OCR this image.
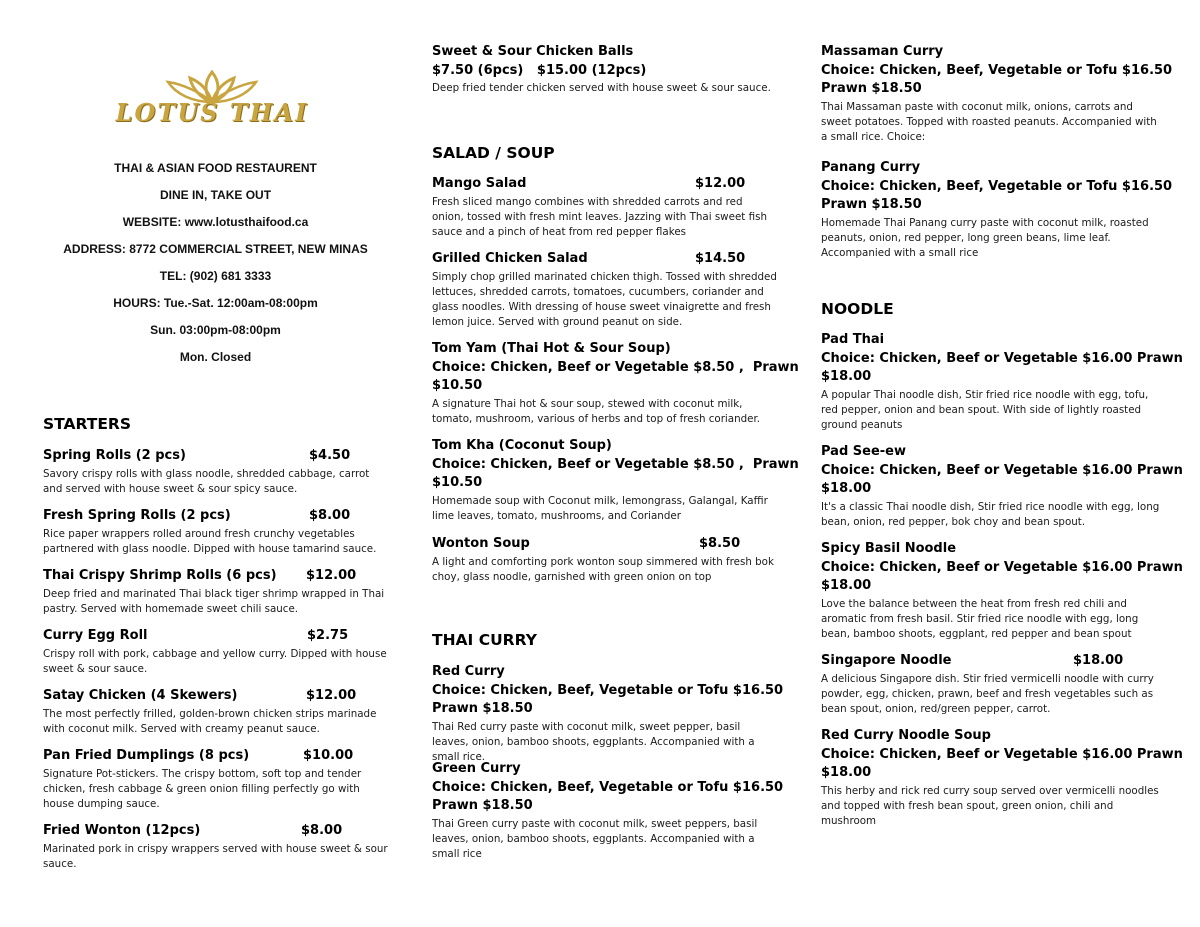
LOTUS THAI
THAI & ASIAN FOOD RESTAURENT
DINE IN, TAKE OUT
WEBSITE: www.lotusthaifood.ca
ADDRESS: 8772 COMMERCIAL STREET, NEW MINAS
TEL: (902) 681 3333
HOURS: Tue.-Sat. 12:00am-08:00pm
Sun. 03:00pm-08:00pm
Mon. Closed
STARTERS
Spring Rolls (2 pcs)	$4.50
Savory crispy rolls with glass noodle, shredded cabbage, carrot and served with house sweet & sour spicy sauce.
Fresh Spring Rolls (2 pcs)	$8.00
Rice paper wrappers rolled around fresh crunchy vegetables partnered with glass noodle. Dipped with house tamarind sauce.
Thai Crispy Shrimp Rolls (6 pcs) $12.00
Deep fried and marinated Thai black tiger shrimp wrapped in Thai pastry. Served with homemade sweet chili sauce.
Curry Egg Roll	$2.75
Crispy roll with pork, cabbage and yellow curry. Dipped with house sweet & sour sauce.
Satay Chicken (4 Skewers)	$12.00
The most perfectly frilled, golden-brown chicken strips marinade with coconut milk. Served with creamy peanut sauce.
Pan Fried Dumplings (8 pcs)	$10.00
Signature Pot-stickers. The crispy bottom, soft top and tender chicken, fresh cabbage & green onion filling perfectly go with house dumping sauce.
Fried Wonton (12pcs)	$8.00
Marinated pork in crispy wrappers served with house sweet & sour sauce.
Sweet & Sour Chicken Balls
$7.50 (6pcs)   $15.00 (12pcs)
Deep fried tender chicken served with house sweet & sour sauce.
SALAD / SOUP
Mango Salad	$12.00
Fresh sliced mango combines with shredded carrots and red onion, tossed with fresh mint leaves. Jazzing with Thai sweet fish sauce and a pinch of heat from red pepper flakes
Grilled Chicken Salad	$14.50
Simply chop grilled marinated chicken thigh. Tossed with shredded lettuces, shredded carrots, tomatoes, cucumbers, coriander and glass noodles. With dressing of house sweet vinaigrette and fresh lemon juice. Served with ground peanut on side.
Tom Yam (Thai Hot & Sour Soup)
Choice: Chicken, Beef or Vegetable $8.50 ,  Prawn
$10.50
A signature Thai hot & sour soup, stewed with coconut milk, tomato, mushroom, various of herbs and top of fresh coriander.
Tom Kha (Coconut Soup)
Choice: Chicken, Beef or Vegetable $8.50 ,  Prawn
$10.50
Homemade soup with Coconut milk, lemongrass, Galangal, Kaffir lime leaves, tomato, mushrooms, and Coriander
Wonton Soup	$8.50
A light and comforting pork wonton soup simmered with fresh bok choy, glass noodle, garnished with green onion on top
THAI CURRY
Red Curry
Choice: Chicken, Beef, Vegetable or Tofu $16.50
Prawn $18.50
Thai Red curry paste with coconut milk, sweet pepper, basil leaves, onion, bamboo shoots, eggplants. Accompanied with a small rice.
Green Curry
Choice: Chicken, Beef, Vegetable or Tofu $16.50
Prawn $18.50
Thai Green curry paste with coconut milk, sweet peppers, basil leaves, onion, bamboo shoots, eggplants. Accompanied with a small rice
Massaman Curry
Choice: Chicken, Beef, Vegetable or Tofu $16.50
Prawn $18.50
Thai Massaman paste with coconut milk, onions, carrots and sweet potatoes. Topped with roasted peanuts. Accompanied with a small rice. Choice:
Panang Curry
Choice: Chicken, Beef, Vegetable or Tofu $16.50
Prawn $18.50
Homemade Thai Panang curry paste with coconut milk, roasted peanuts, onion, red pepper, long green beans, lime leaf. Accompanied with a small rice
NOODLE
Pad Thai
Choice: Chicken, Beef or Vegetable $16.00 Prawn
$18.00
A popular Thai noodle dish, Stir fried rice noodle with egg, tofu, red pepper, onion and bean spout. With side of lightly roasted ground peanuts
Pad See-ew
Choice: Chicken, Beef or Vegetable $16.00 Prawn
$18.00
It's a classic Thai noodle dish, Stir fried rice noodle with egg, long bean, onion, red pepper, bok choy and bean spout.
Spicy Basil Noodle
Choice: Chicken, Beef or Vegetable $16.00 Prawn
$18.00
Love the balance between the heat from fresh red chili and aromatic from fresh basil. Stir fried rice noodle with egg, long bean, bamboo shoots, eggplant, red pepper and bean spout
Singapore Noodle	$18.00
A delicious Singapore dish. Stir fried vermicelli noodle with curry powder, egg, chicken, prawn, beef and fresh vegetables such as bean spout, onion, red/green pepper, carrot.
Red Curry Noodle Soup
Choice: Chicken, Beef or Vegetable $16.00 Prawn
$18.00
This herby and rick red curry soup served over vermicelli noodles and topped with fresh bean spout, green onion, chili and mushroom
